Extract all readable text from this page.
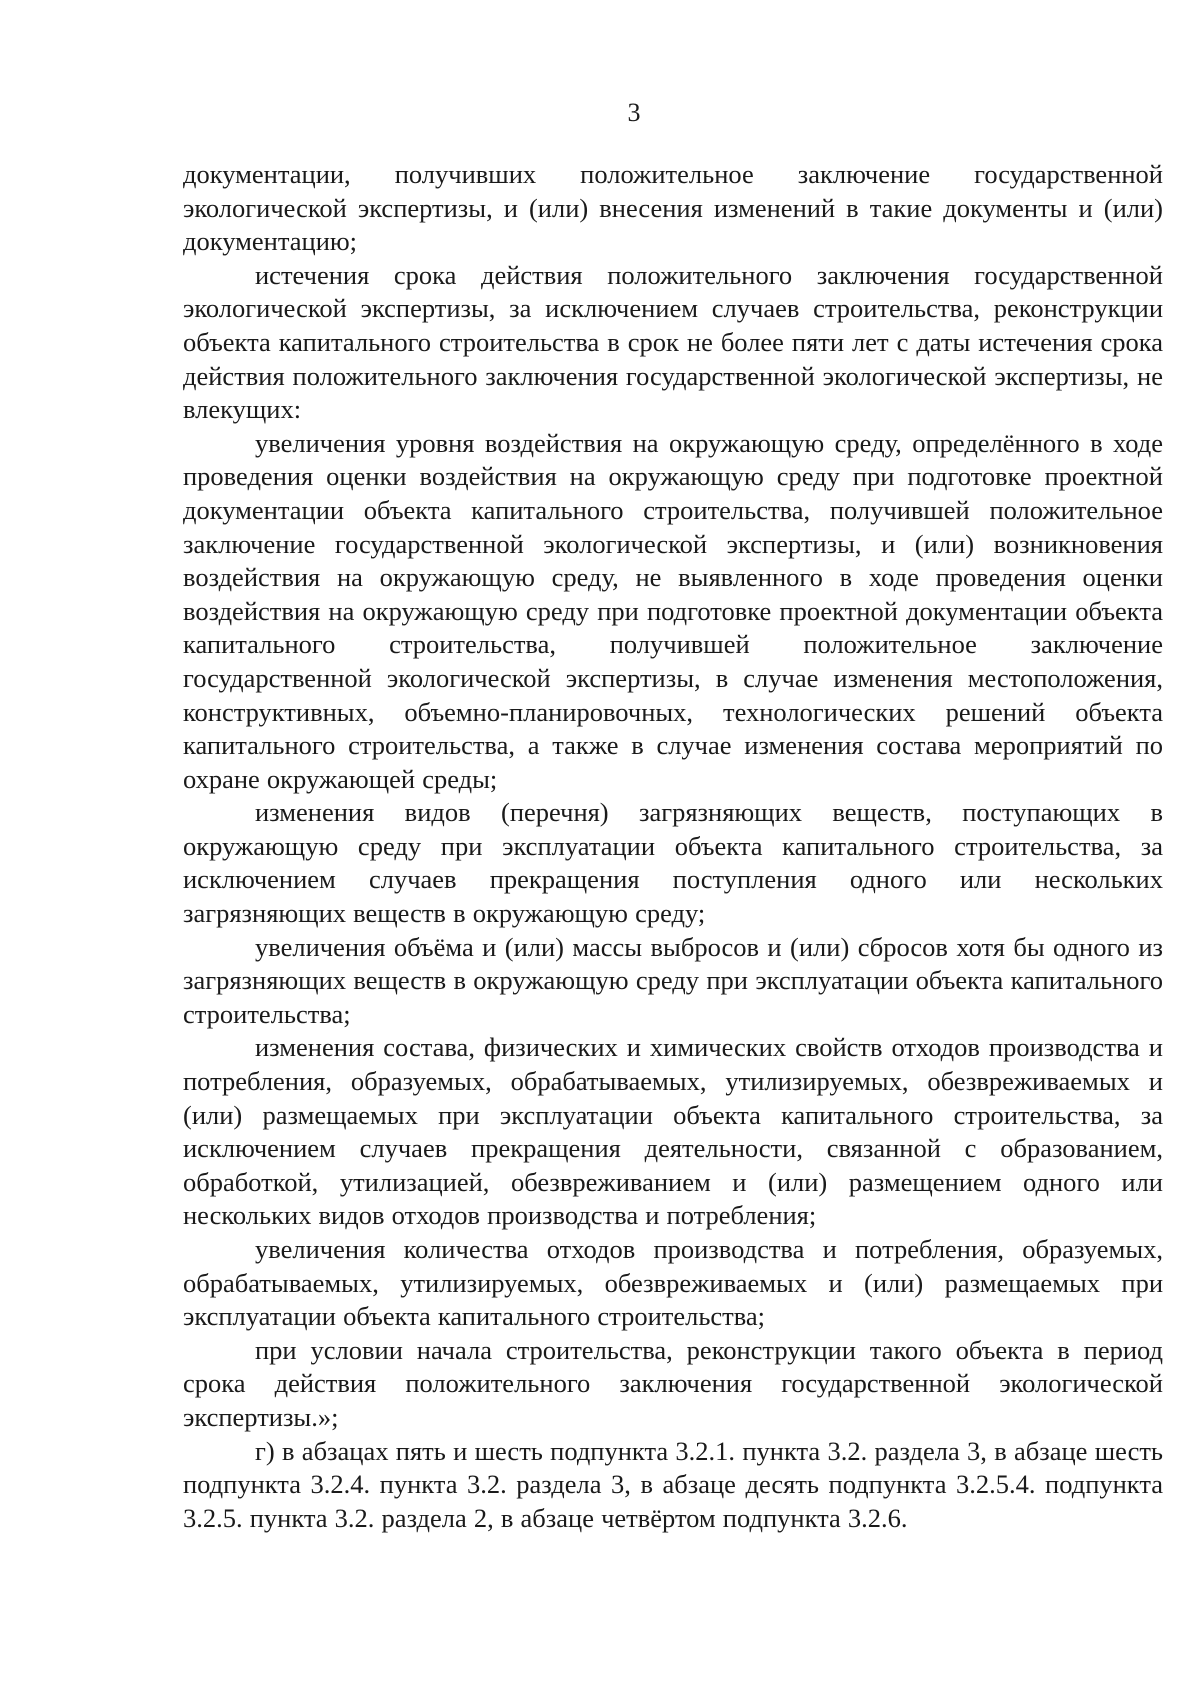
3

документации, получивших положительное заключение государственной экологической экспертизы, и (или) внесения изменений в такие документы и (или) документацию;

истечения срока действия положительного заключения государственной экологической экспертизы, за исключением случаев строительства, реконструкции объекта капитального строительства в срок не более пяти лет с даты истечения срока действия положительного заключения государственной экологической экспертизы, не влекущих:

увеличения уровня воздействия на окружающую среду, определённого в ходе проведения оценки воздействия на окружающую среду при подготовке проектной документации объекта капитального строительства, получившей положительное заключение государственной экологической экспертизы, и (или) возникновения воздействия на окружающую среду, не выявленного в ходе проведения оценки воздействия на окружающую среду при подготовке проектной документации объекта капитального строительства, получившей положительное заключение государственной экологической экспертизы, в случае изменения местоположения, конструктивных, объемно-планировочных, технологических решений объекта капитального строительства, а также в случае изменения состава мероприятий по охране окружающей среды;

изменения видов (перечня) загрязняющих веществ, поступающих в окружающую среду при эксплуатации объекта капитального строительства, за исключением случаев прекращения поступления одного или нескольких загрязняющих веществ в окружающую среду;

увеличения объёма и (или) массы выбросов и (или) сбросов хотя бы одного из загрязняющих веществ в окружающую среду при эксплуатации объекта капитального строительства;

изменения состава, физических и химических свойств отходов производства и потребления, образуемых, обрабатываемых, утилизируемых, обезвреживаемых и (или) размещаемых при эксплуатации объекта капитального строительства, за исключением случаев прекращения деятельности, связанной с образованием, обработкой, утилизацией, обезвреживанием и (или) размещением одного или нескольких видов отходов производства и потребления;

увеличения количества отходов производства и потребления, образуемых, обрабатываемых, утилизируемых, обезвреживаемых и (или) размещаемых при эксплуатации объекта капитального строительства;

при условии начала строительства, реконструкции такого объекта в период срока действия положительного заключения государственной экологической экспертизы.»;

г) в абзацах пять и шесть подпункта 3.2.1. пункта 3.2. раздела 3, в абзаце шесть подпункта 3.2.4. пункта 3.2. раздела 3, в абзаце десять подпункта 3.2.5.4. подпункта 3.2.5. пункта 3.2. раздела 2, в абзаце четвёртом подпункта 3.2.6.
